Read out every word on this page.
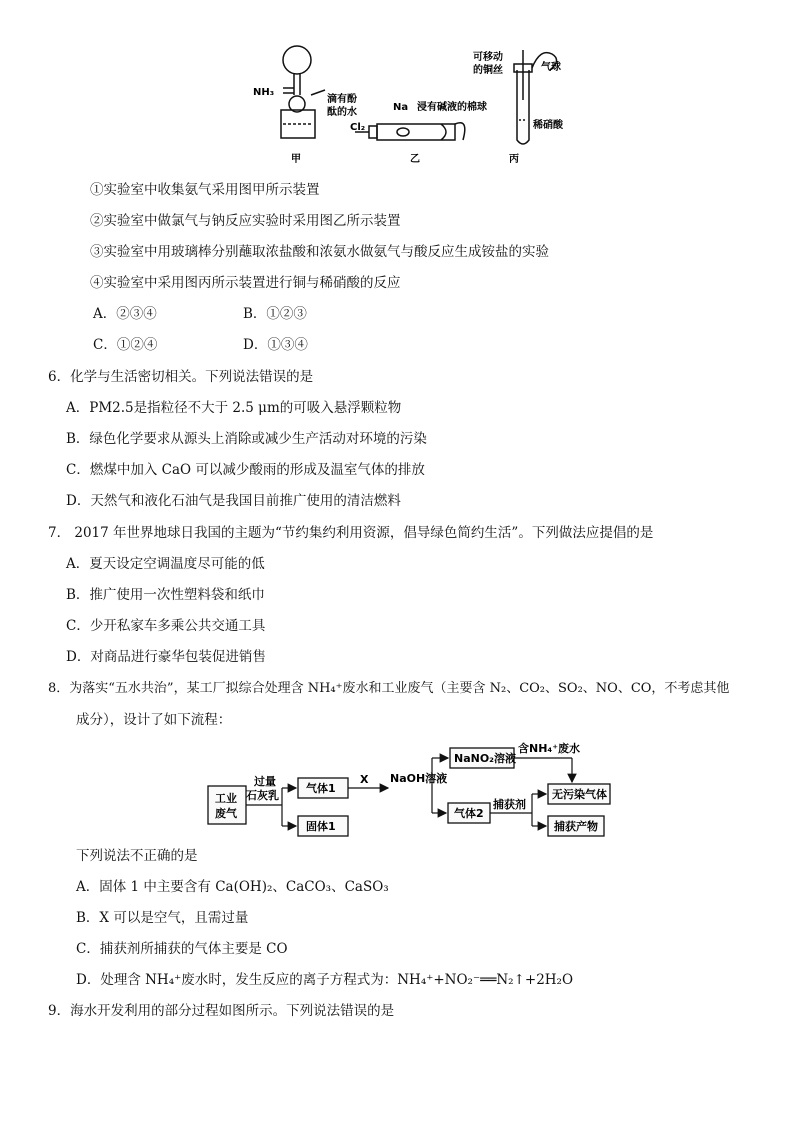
NH₃
滴有酚
酞的水
甲
Na
Cl₂
浸有碱液的棉球
乙
可移动
的铜丝	气球
稀硝酸
丙
①实验室中收集氨气采用图甲所示装置
②实验室中做氯气与钠反应实验时采用图乙所示装置
③实验室中用玻璃棒分别蘸取浓盐酸和浓氨水做氨气与酸反应生成铵盐的实验
④实验室中采用图丙所示装置进行铜与稀硝酸的反应
A．②③④	B．①②③
C．①②④	D．①③④
6．化学与生活密切相关。下列说法错误的是
A．PM2.5是指粒径不大于 2.5 μm的可吸入悬浮颗粒物
B．绿色化学要求从源头上消除或减少生产活动对环境的污染
C．燃煤中加入 CaO 可以减少酸雨的形成及温室气体的排放
D．天然气和液化石油气是我国目前推广使用的清洁燃料
7． 2017 年世界地球日我国的主题为“节约集约利用资源，倡导绿色简约生活”。下列做法应提倡的是
A．夏天设定空调温度尽可能的低
B．推广使用一次性塑料袋和纸巾
C．少开私家车多乘公共交通工具
D．对商品进行豪华包装促进销售
8．为落实“五水共治”，某工厂拟综合处理含 NH₄⁺废水和工业废气（主要含 N₂、CO₂、SO₂、NO、CO，不考虑其他
成分），设计了如下流程：
工业
废气
过量
石灰乳
气体1
固体1
X NaOH溶液
NaNO₂溶液
含NH₄⁺废水
气体2
捕获剂
无污染气体
捕获产物
下列说法不正确的是
A．固体 1 中主要含有 Ca(OH)₂、CaCO₃、CaSO₃
B．X 可以是空气，且需过量
C．捕获剂所捕获的气体主要是 CO
D．处理含 NH₄⁺废水时，发生反应的离子方程式为：NH₄⁺+NO₂⁻══N₂↑+2H₂O
9．海水开发利用的部分过程如图所示。下列说法错误的是
